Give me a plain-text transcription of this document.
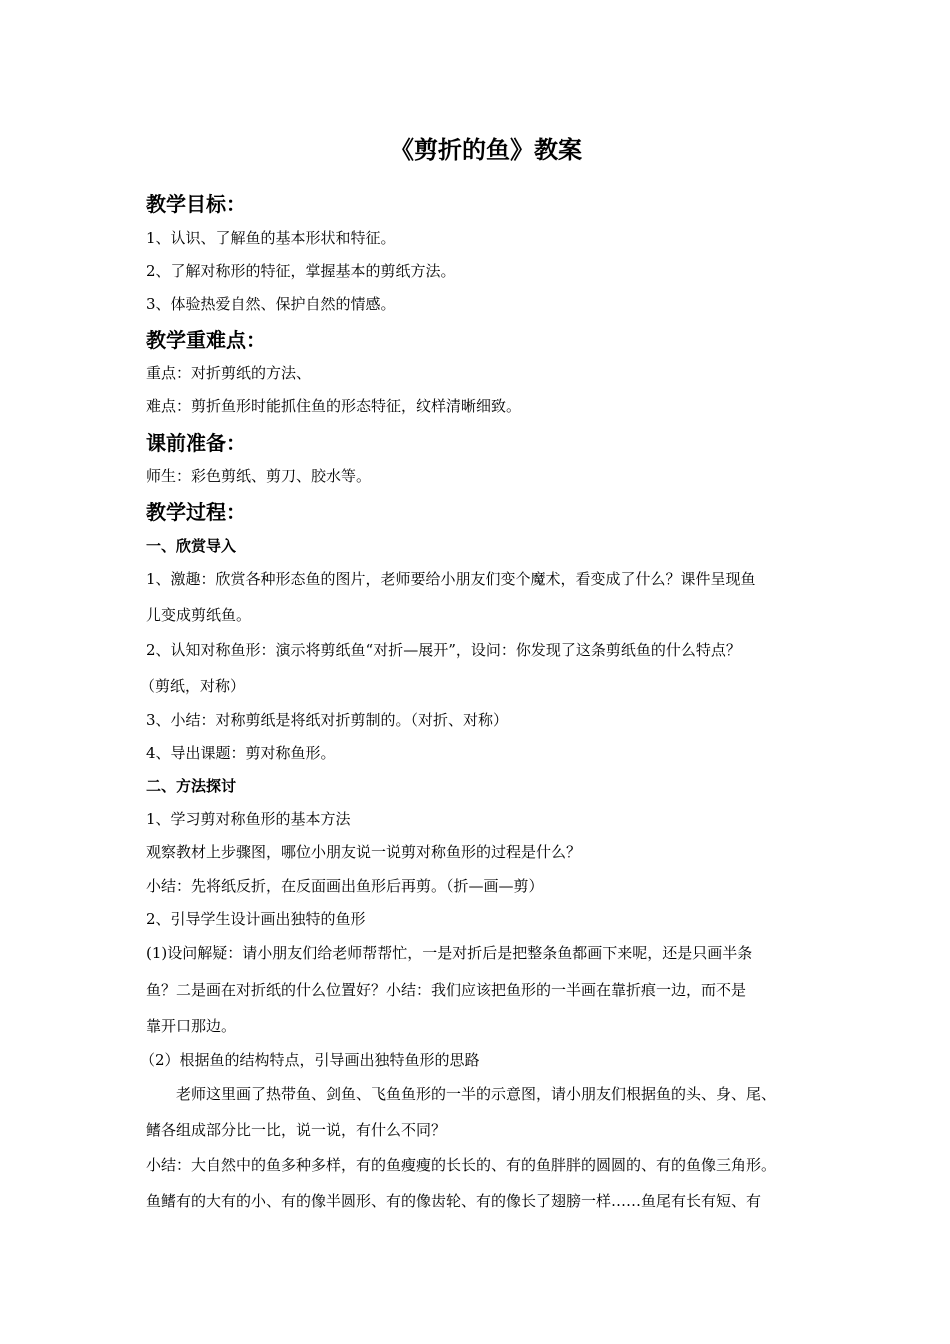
《剪折的鱼》教案
教学目标：
1、认识、了解鱼的基本形状和特征。
2、了解对称形的特征，掌握基本的剪纸方法。
3、体验热爱自然、保护自然的情感。
教学重难点：
重点：对折剪纸的方法、
难点：剪折鱼形时能抓住鱼的形态特征，纹样清晰细致。
课前准备：
师生：彩色剪纸、剪刀、胶水等。
教学过程：
一、欣赏导入
1、激趣：欣赏各种形态鱼的图片，老师要给小朋友们变个魔术，看变成了什么？课件呈现鱼
儿变成剪纸鱼。
2、认知对称鱼形：演示将剪纸鱼“对折—展开”，设问：你发现了这条剪纸鱼的什么特点？
（剪纸，对称）
3、小结：对称剪纸是将纸对折剪制的。（对折、对称）
4、导出课题：剪对称鱼形。
二、方法探讨
1、学习剪对称鱼形的基本方法
观察教材上步骤图，哪位小朋友说一说剪对称鱼形的过程是什么？
小结：先将纸反折，在反面画出鱼形后再剪。（折—画—剪）
2、引导学生设计画出独特的鱼形
(1)设问解疑：请小朋友们给老师帮帮忙，一是对折后是把整条鱼都画下来呢，还是只画半条
鱼？二是画在对折纸的什么位置好？小结：我们应该把鱼形的一半画在靠折痕一边，而不是
靠开口那边。
（2）根据鱼的结构特点，引导画出独特鱼形的思路
老师这里画了热带鱼、剑鱼、飞鱼鱼形的一半的示意图，请小朋友们根据鱼的头、身、尾、
鳍各组成部分比一比，说一说，有什么不同？
小结：大自然中的鱼多种多样，有的鱼瘦瘦的长长的、有的鱼胖胖的圆圆的、有的鱼像三角形。
鱼鳍有的大有的小、有的像半圆形、有的像齿轮、有的像长了翅膀一样……鱼尾有长有短、有
